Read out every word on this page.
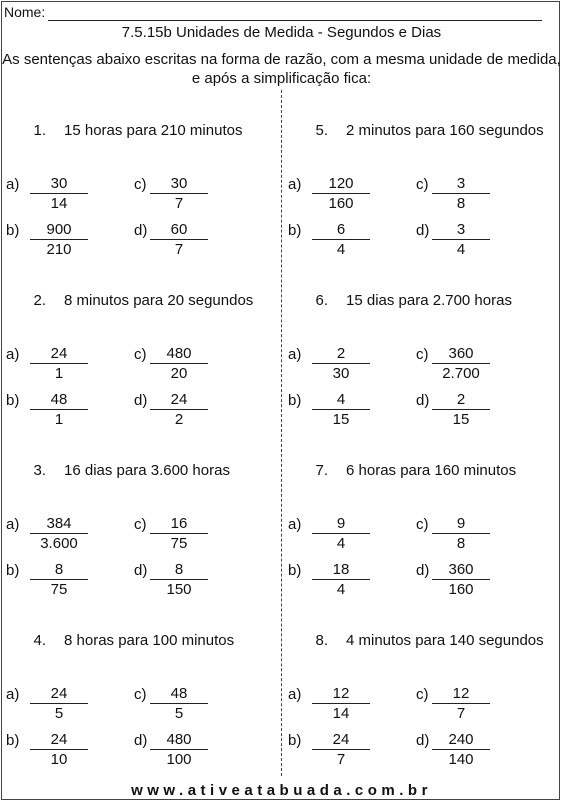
Nome:
7.5.15b Unidades de Medida - Segundos e Dias
As sentenças abaixo escritas na forma de razão, com a mesma unidade de medida,
e após a simplificação fica:
1. 15 horas para 210 minutos
$a) \frac{30}{14}$	$c) \frac{30}{7}$
$b) \frac{900}{210}$	$d) \frac{60}{7}$
5. 2 minutos para 160 segundos
$a) \frac{120}{160}$	$c) \frac{3}{8}$
$b) \frac{6}{4}$	$d) \frac{3}{4}$
2. 8 minutos para 20 segundos
$a) \frac{24}{1}$	$c) \frac{480}{20}$
$b) \frac{48}{1}$	$d) \frac{24}{2}$
6. 15 dias para 2.700 horas
$a) \frac{2}{30}$	$c) \frac{360}{2.700}$
$b) \frac{4}{15}$	$d) \frac{2}{15}$
3. 16 dias para 3.600 horas
$a) \frac{384}{3.600}$	$c) \frac{16}{75}$
$b) \frac{8}{75}$	$d) \frac{8}{150}$
7. 6 horas para 160 minutos
$a) \frac{9}{4}$	$c) \frac{9}{8}$
$b) \frac{18}{4}$	$d) \frac{360}{160}$
4. 8 horas para 100 minutos
$a) \frac{24}{5}$	$c) \frac{48}{5}$
$b) \frac{24}{10}$	$d) \frac{480}{100}$
8. 4 minutos para 140 segundos
$a) \frac{12}{14}$	$c) \frac{12}{7}$
$b) \frac{24}{7}$	$d) \frac{240}{140}$
www.ativeatabuada.com.br
